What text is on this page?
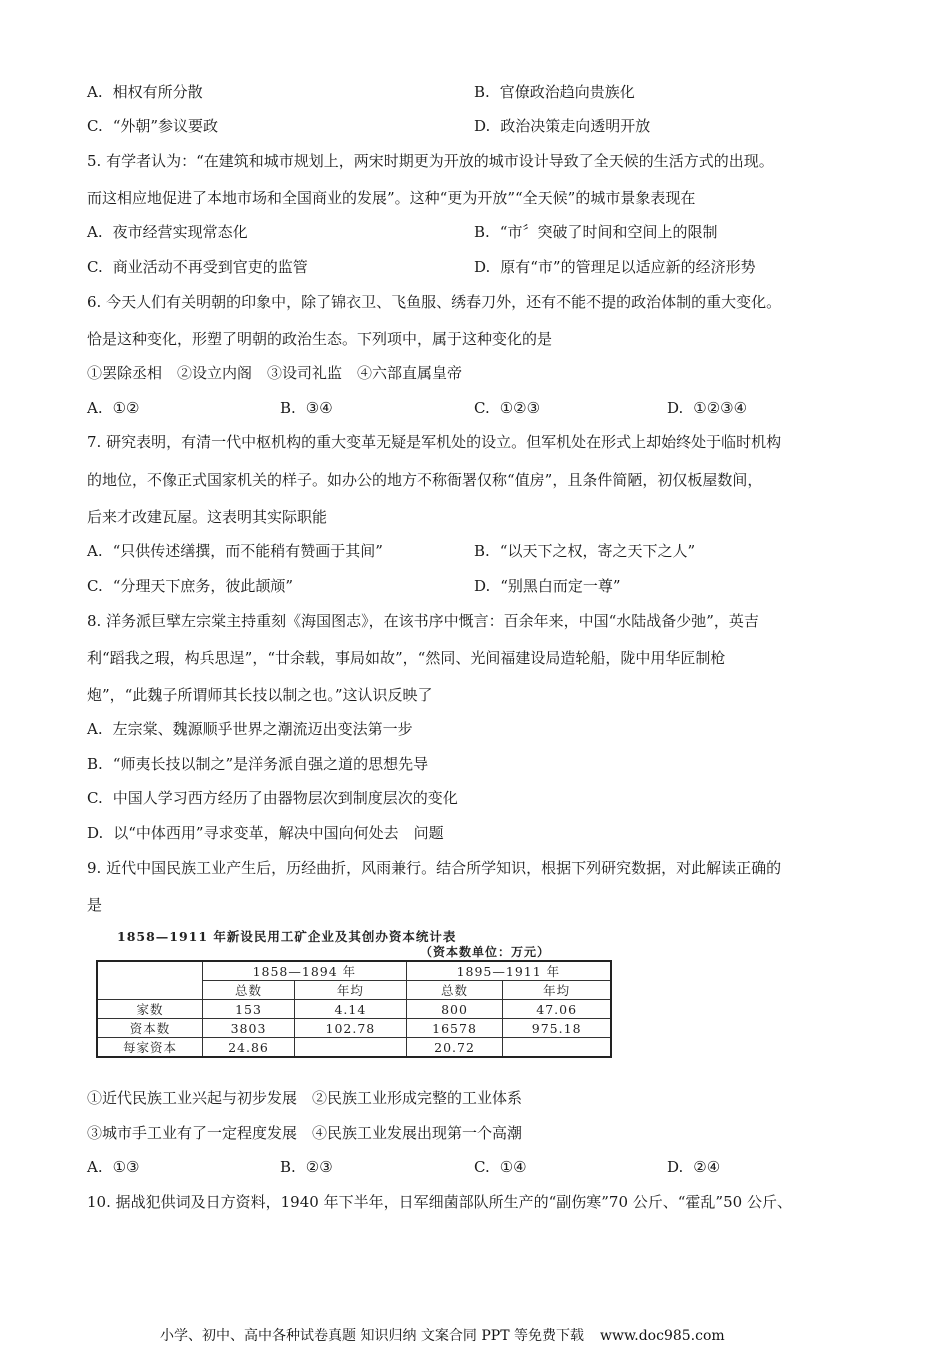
A. 相权有所分散	B. 官僚政治趋向贵族化
C. “外朝”参议要政	D. 政治决策走向透明开放
5. 有学者认为：“在建筑和城市规划上，两宋时期更为开放的城市设计导致了全天候的生活方式的出现。
而这相应地促进了本地市场和全国商业的发展”。这种“更为开放”“全天候”的城市景象表现在
A. 夜市经营实现常态化	B. “市〞突破了时间和空间上的限制
C. 商业活动不再受到官吏的监管	D. 原有“市”的管理足以适应新的经济形势
6. 今天人们有关明朝的印象中，除了锦衣卫、飞鱼服、绣春刀外，还有不能不提的政治体制的重大变化。
恰是这种变化，形塑了明朝的政治生态。下列项中，属于这种变化的是
①罢除丞相　②设立内阁　③设司礼监　④六部直属皇帝
A. ①②	B. ③④	C. ①②③	D. ①②③④
7. 研究表明，有清一代中枢机构的重大变革无疑是军机处的设立。但军机处在形式上却始终处于临时机构
的地位，不像正式国家机关的样子。如办公的地方不称衙署仅称“值房”，且条件简陋，初仅板屋数间，
后来才改建瓦屋。这表明其实际职能
A. “只供传述缮撰，而不能稍有赞画于其间”	B. “以天下之权，寄之天下之人”
C. “分理天下庶务，彼此颉颃”	D. “别黑白而定一尊”
8. 洋务派巨擘左宗棠主持重刻《海国图志》，在该书序中慨言：百余年来，中国“水陆战备少弛”，英吉
利“蹈我之瑕，构兵思逞”，“廿余载，事局如故”，“然同、光间福建设局造轮船，陇中用华匠制枪
炮”，“此魏子所谓师其长技以制之也。”这认识反映了
A. 左宗棠、魏源顺乎世界之潮流迈出变法第一步
B. “师夷长技以制之”是洋务派自强之道的思想先导
C. 中国人学习西方经历了由器物层次到制度层次的变化
D. 以“中体西用”寻求变革，解决中国向何处去　问题
9. 近代中国民族工业产生后，历经曲折，风雨兼行。结合所学知识，根据下列研究数据，对此解读正确的
是
1858—1911 年新设民用工矿企业及其创办资本统计表
（资本数单位：万元）
	1858—1894 年		1895—1911 年	
	总数	年均	总数	年均
家数	153	4.14	800	47.06
资本数	3803	102.78	16578	975.18
每家资本	24.86		20.72	
①近代民族工业兴起与初步发展　②民族工业形成完整的工业体系
③城市手工业有了一定程度发展　④民族工业发展出现第一个高潮
A. ①③	B. ②③	C. ①④	D. ②④
10. 据战犯供词及日方资料，1940 年下半年，日军细菌部队所生产的“副伤寒”70 公斤、“霍乱”50 公斤、
小学、初中、高中各种试卷真题 知识归纳 文案合同 PPT 等免费下载 www.doc985.com
